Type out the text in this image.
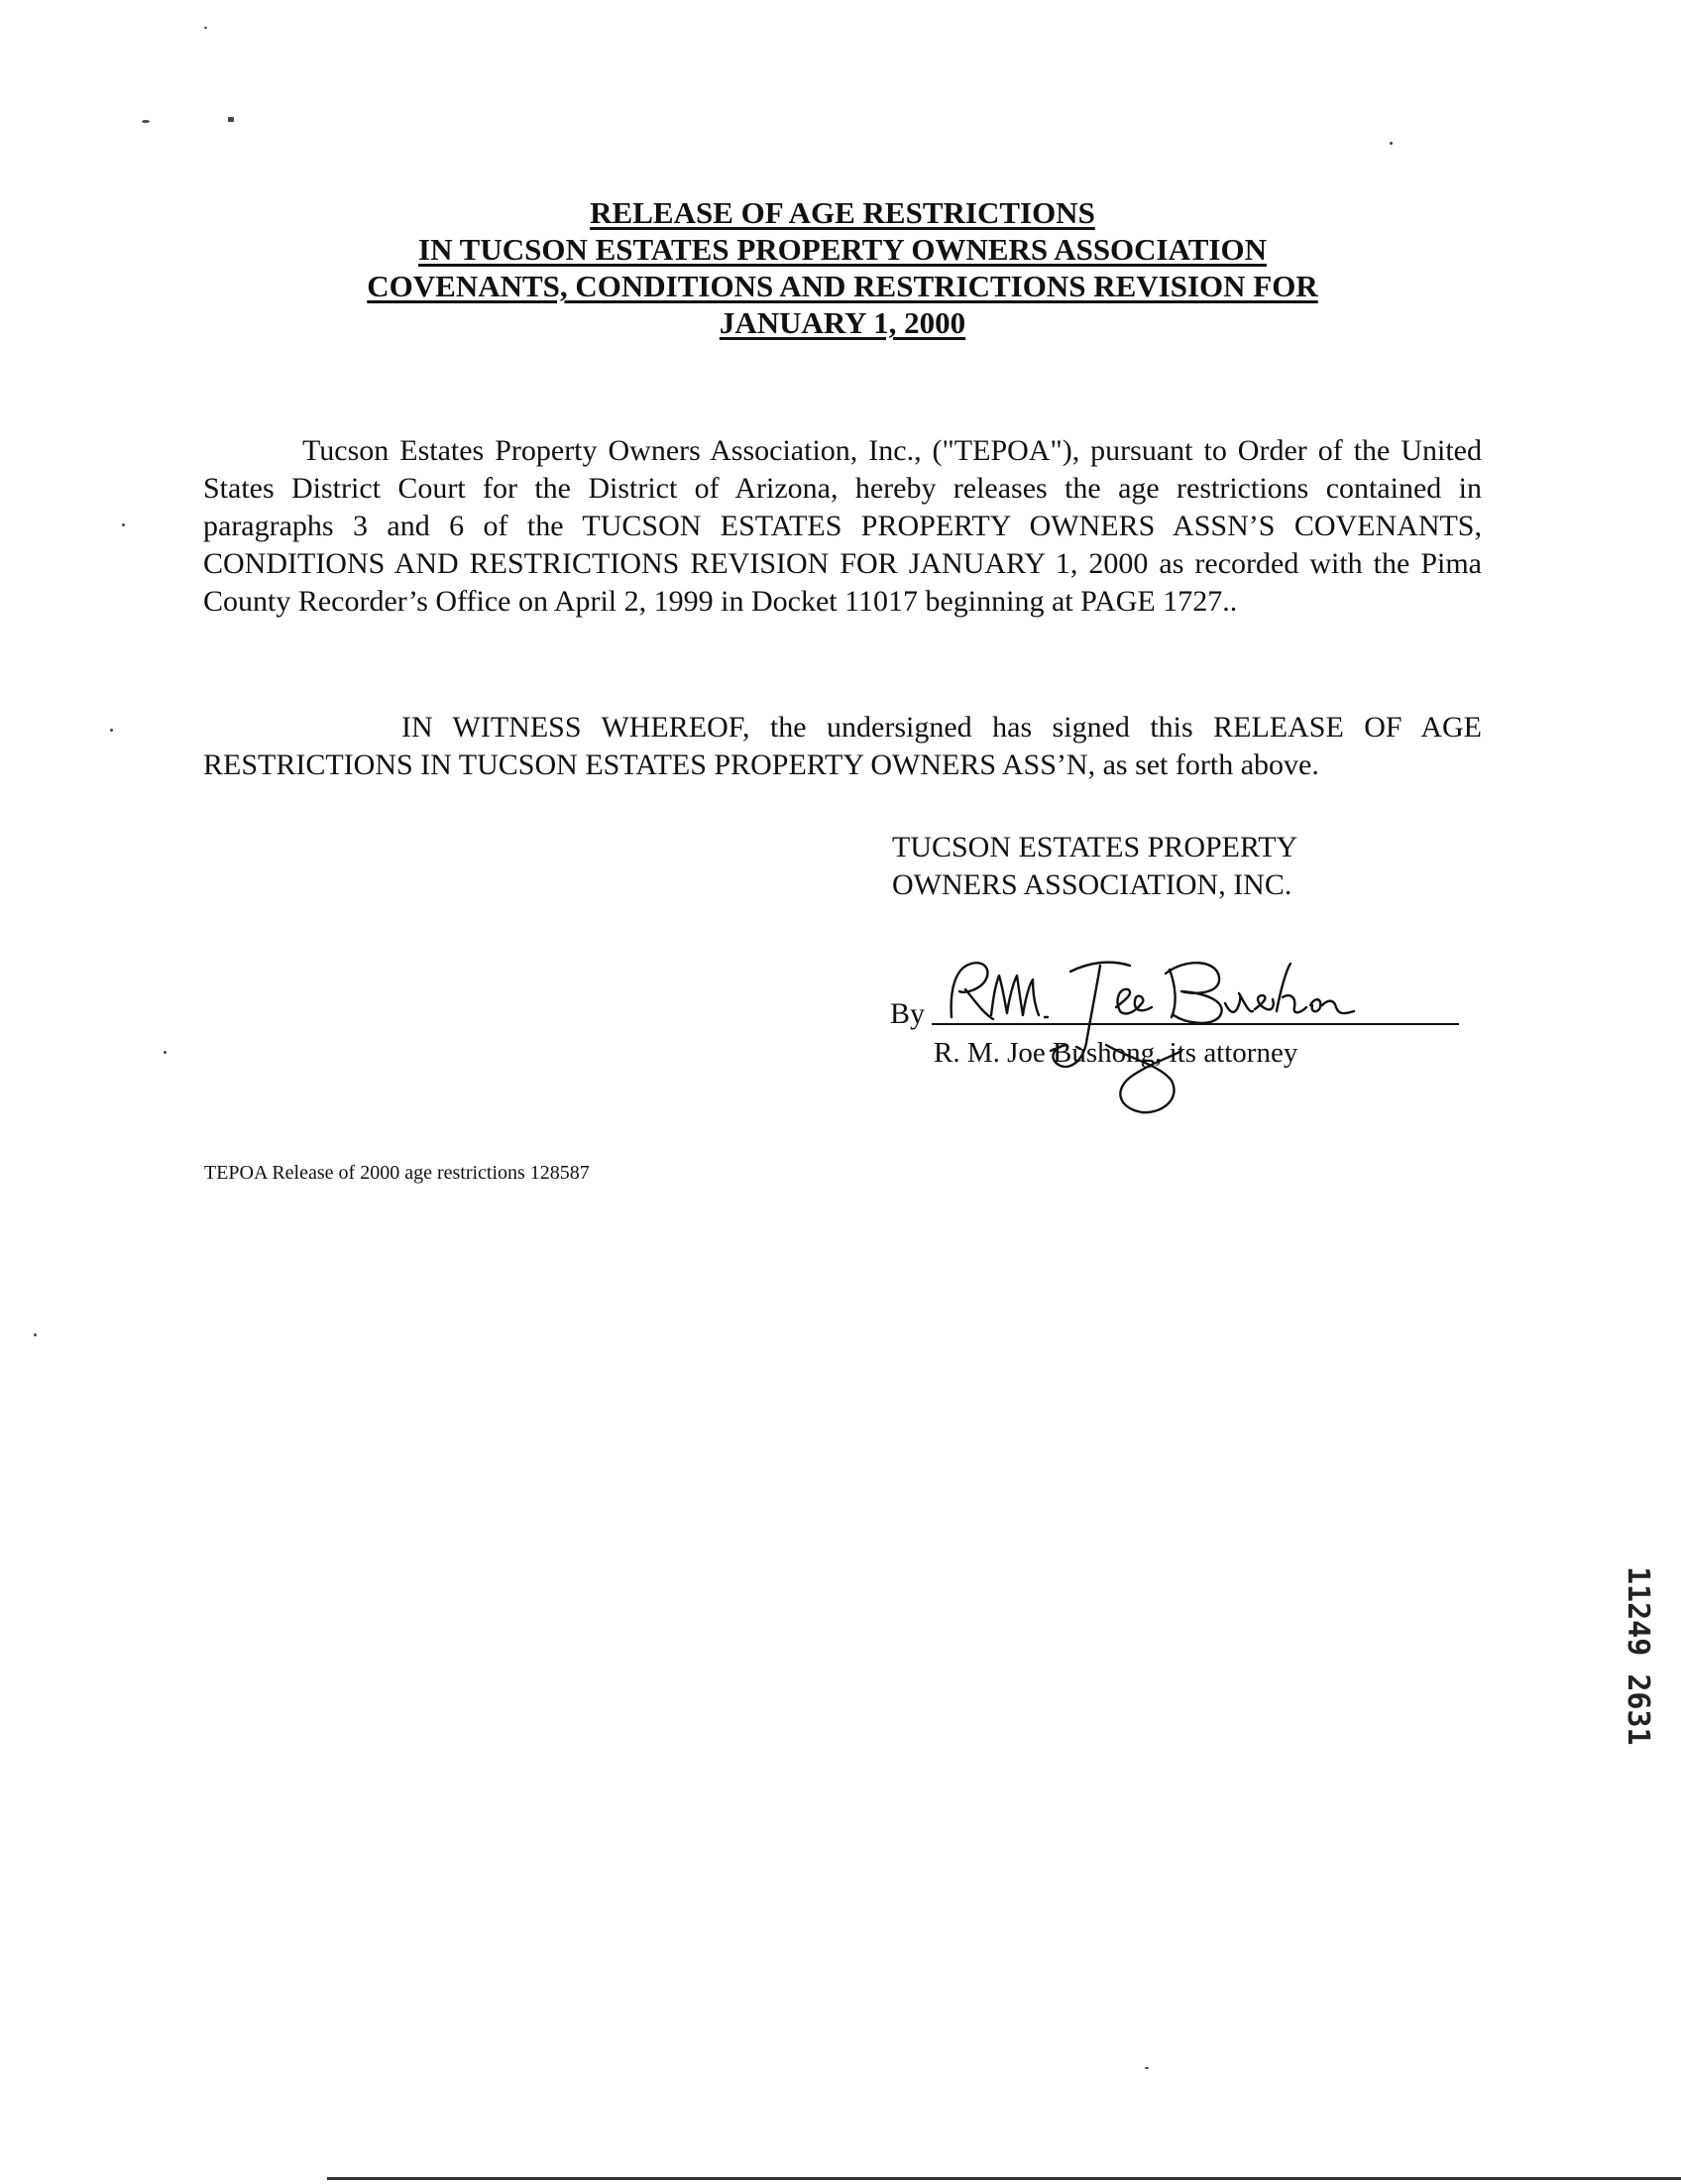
RELEASE OF AGE RESTRICTIONS
IN TUCSON ESTATES PROPERTY OWNERS ASSOCIATION
COVENANTS, CONDITIONS AND RESTRICTIONS REVISION FOR
JANUARY 1, 2000
Tucson Estates Property Owners Association, Inc., ("TEPOA"), pursuant to Order of the United States District Court for the District of Arizona, hereby releases the age restrictions contained in paragraphs 3 and 6 of the TUCSON ESTATES PROPERTY OWNERS ASSN’S COVENANTS, CONDITIONS AND RESTRICTIONS REVISION FOR JANUARY 1, 2000 as recorded with the Pima County Recorder’s Office on April 2, 1999 in Docket 11017 beginning at PAGE 1727..
IN WITNESS WHEREOF, the undersigned has signed this RELEASE OF AGE RESTRICTIONS IN TUCSON ESTATES PROPERTY OWNERS ASS’N, as set forth above.
TUCSON ESTATES PROPERTY
OWNERS ASSOCIATION, INC.
By
R. M. Joe Bushong, its attorney
TEPOA Release of 2000 age restrictions 128587
11249 2631
